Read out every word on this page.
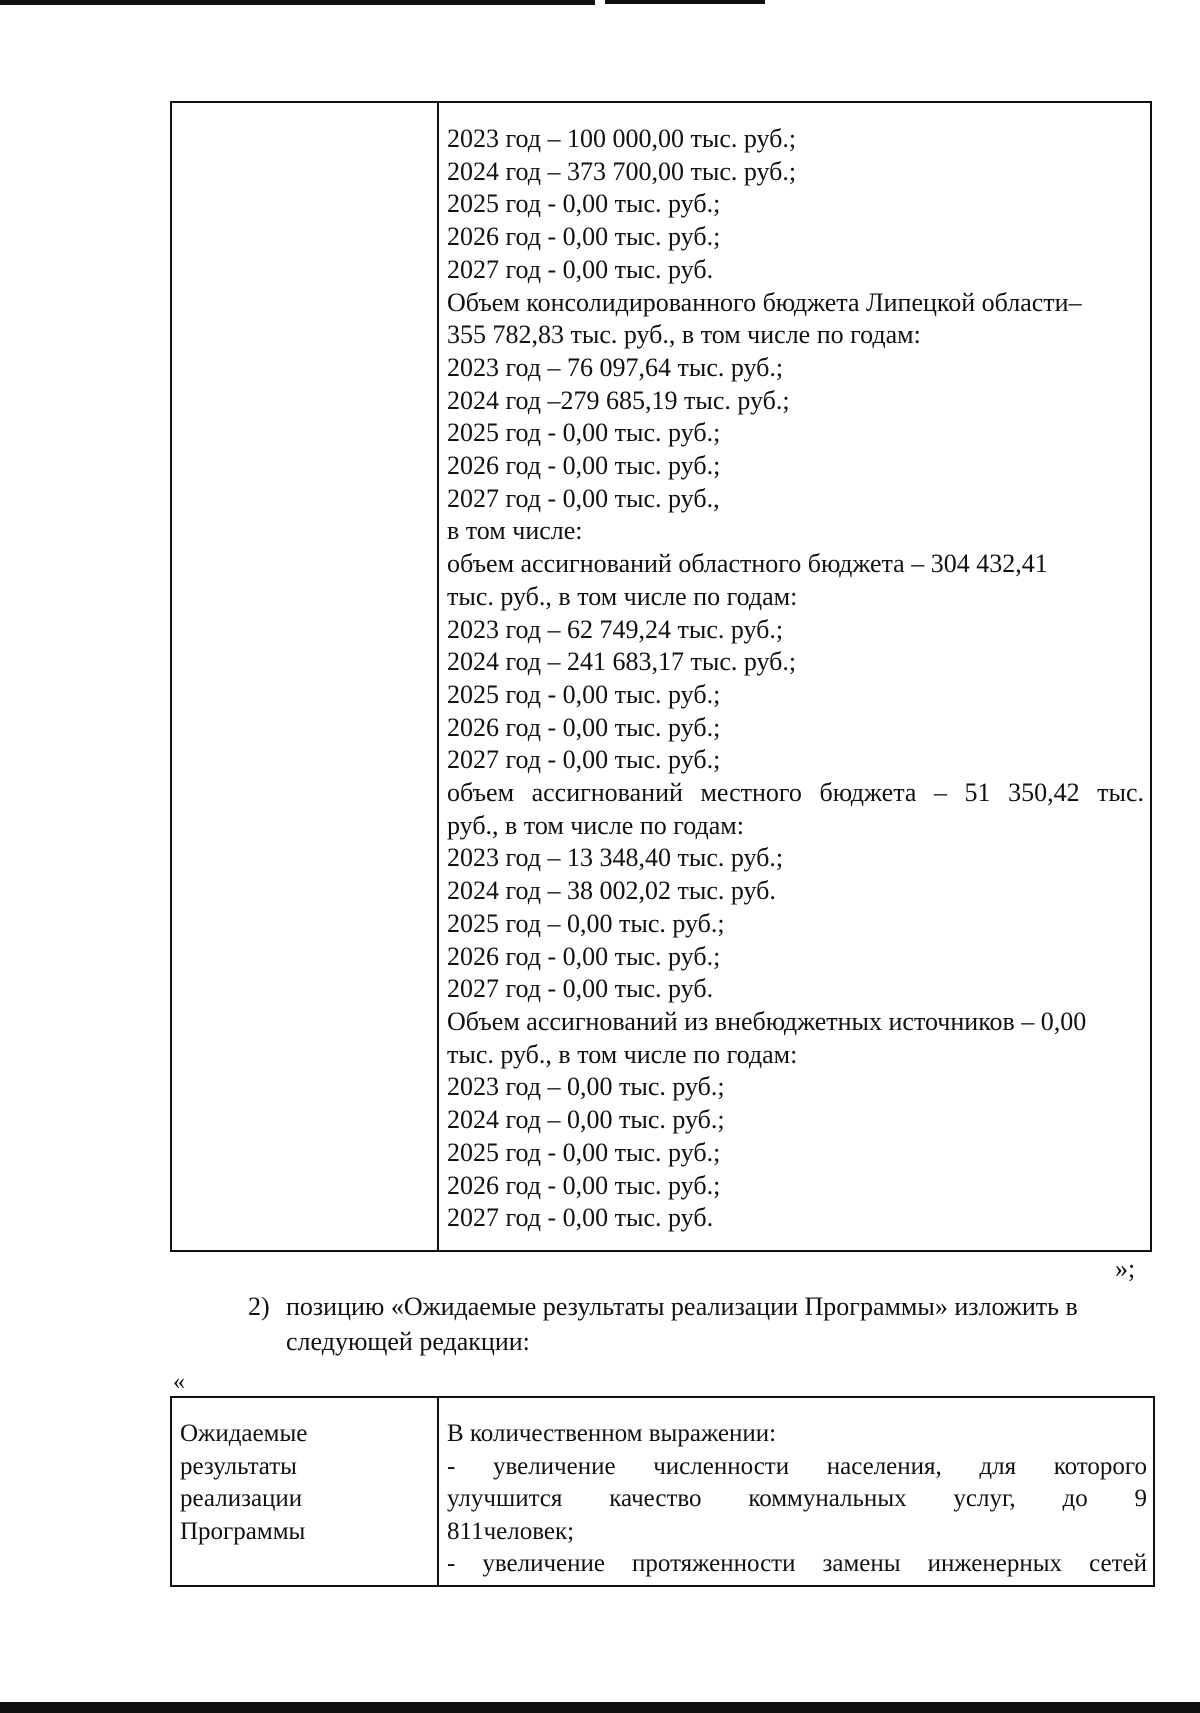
2023 год – 100 000,00 тыс. руб.;
2024 год – 373 700,00 тыс. руб.;
2025 год - 0,00 тыс. руб.;
2026 год - 0,00 тыс. руб.;
2027 год - 0,00 тыс. руб.
Объем консолидированного бюджета Липецкой области–
355 782,83 тыс. руб., в том числе по годам:
2023 год – 76 097,64 тыс. руб.;
2024 год –279 685,19 тыс. руб.;
2025 год - 0,00 тыс. руб.;
2026 год - 0,00 тыс. руб.;
2027 год - 0,00 тыс. руб.,
в том числе:
объем ассигнований областного бюджета – 304 432,41
тыс. руб., в том числе по годам:
2023 год – 62 749,24 тыс. руб.;
2024 год – 241 683,17 тыс. руб.;
2025 год - 0,00 тыс. руб.;
2026 год - 0,00 тыс. руб.;
2027 год - 0,00 тыс. руб.;
объем ассигнований местного бюджета – 51 350,42 тыс.
руб., в том числе по годам:
2023 год – 13 348,40 тыс. руб.;
2024 год – 38 002,02 тыс. руб.
2025 год – 0,00 тыс. руб.;
2026 год - 0,00 тыс. руб.;
2027 год - 0,00 тыс. руб.
Объем ассигнований из внебюджетных источников – 0,00
тыс. руб., в том числе по годам:
2023 год – 0,00 тыс. руб.;
2024 год – 0,00 тыс. руб.;
2025 год - 0,00 тыс. руб.;
2026 год - 0,00 тыс. руб.;
2027 год - 0,00 тыс. руб.
»;
2) позицию «Ожидаемые результаты реализации Программы» изложить в следующей редакции:
«
Ожидаемые
результаты
реализации
Программы
В количественном выражении:
- увеличение численности населения, для которого
улучшится качество коммунальных услуг, до 9
811человек;
- увеличение протяженности замены инженерных сетей
